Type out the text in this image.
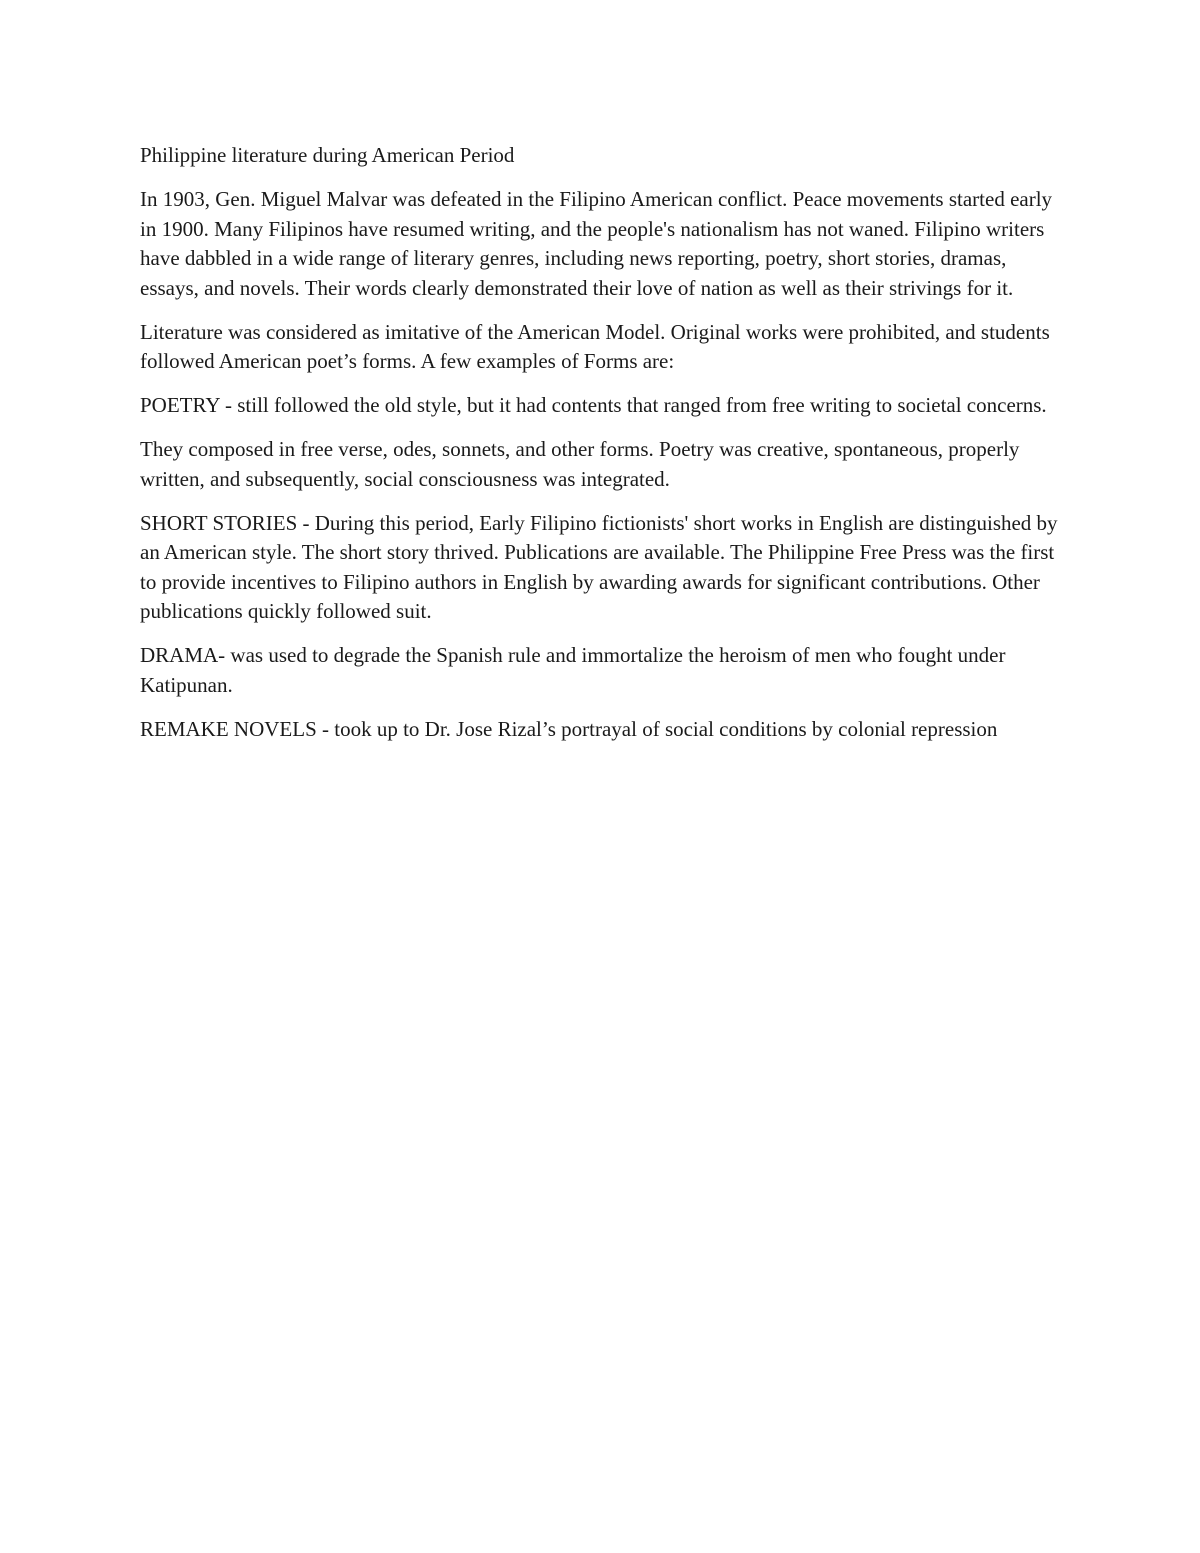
Philippine literature during American Period

In 1903, Gen. Miguel Malvar was defeated in the Filipino American conflict. Peace movements started early in 1900. Many Filipinos have resumed writing, and the people's nationalism has not waned. Filipino writers have dabbled in a wide range of literary genres, including news reporting, poetry, short stories, dramas, essays, and novels. Their words clearly demonstrated their love of nation as well as their strivings for it.

Literature was considered as imitative of the American Model. Original works were prohibited, and students followed American poet’s forms. A few examples of Forms are:

POETRY - still followed the old style, but it had contents that ranged from free writing to societal concerns.

They composed in free verse, odes, sonnets, and other forms. Poetry was creative, spontaneous, properly written, and subsequently, social consciousness was integrated.

SHORT STORIES - During this period, Early Filipino fictionists' short works in English are distinguished by an American style. The short story thrived. Publications are available. The Philippine Free Press was the first to provide incentives to Filipino authors in English by awarding awards for significant contributions. Other publications quickly followed suit.

DRAMA- was used to degrade the Spanish rule and immortalize the heroism of men who fought under Katipunan.

REMAKE NOVELS - took up to Dr. Jose Rizal’s portrayal of social conditions by colonial repression
